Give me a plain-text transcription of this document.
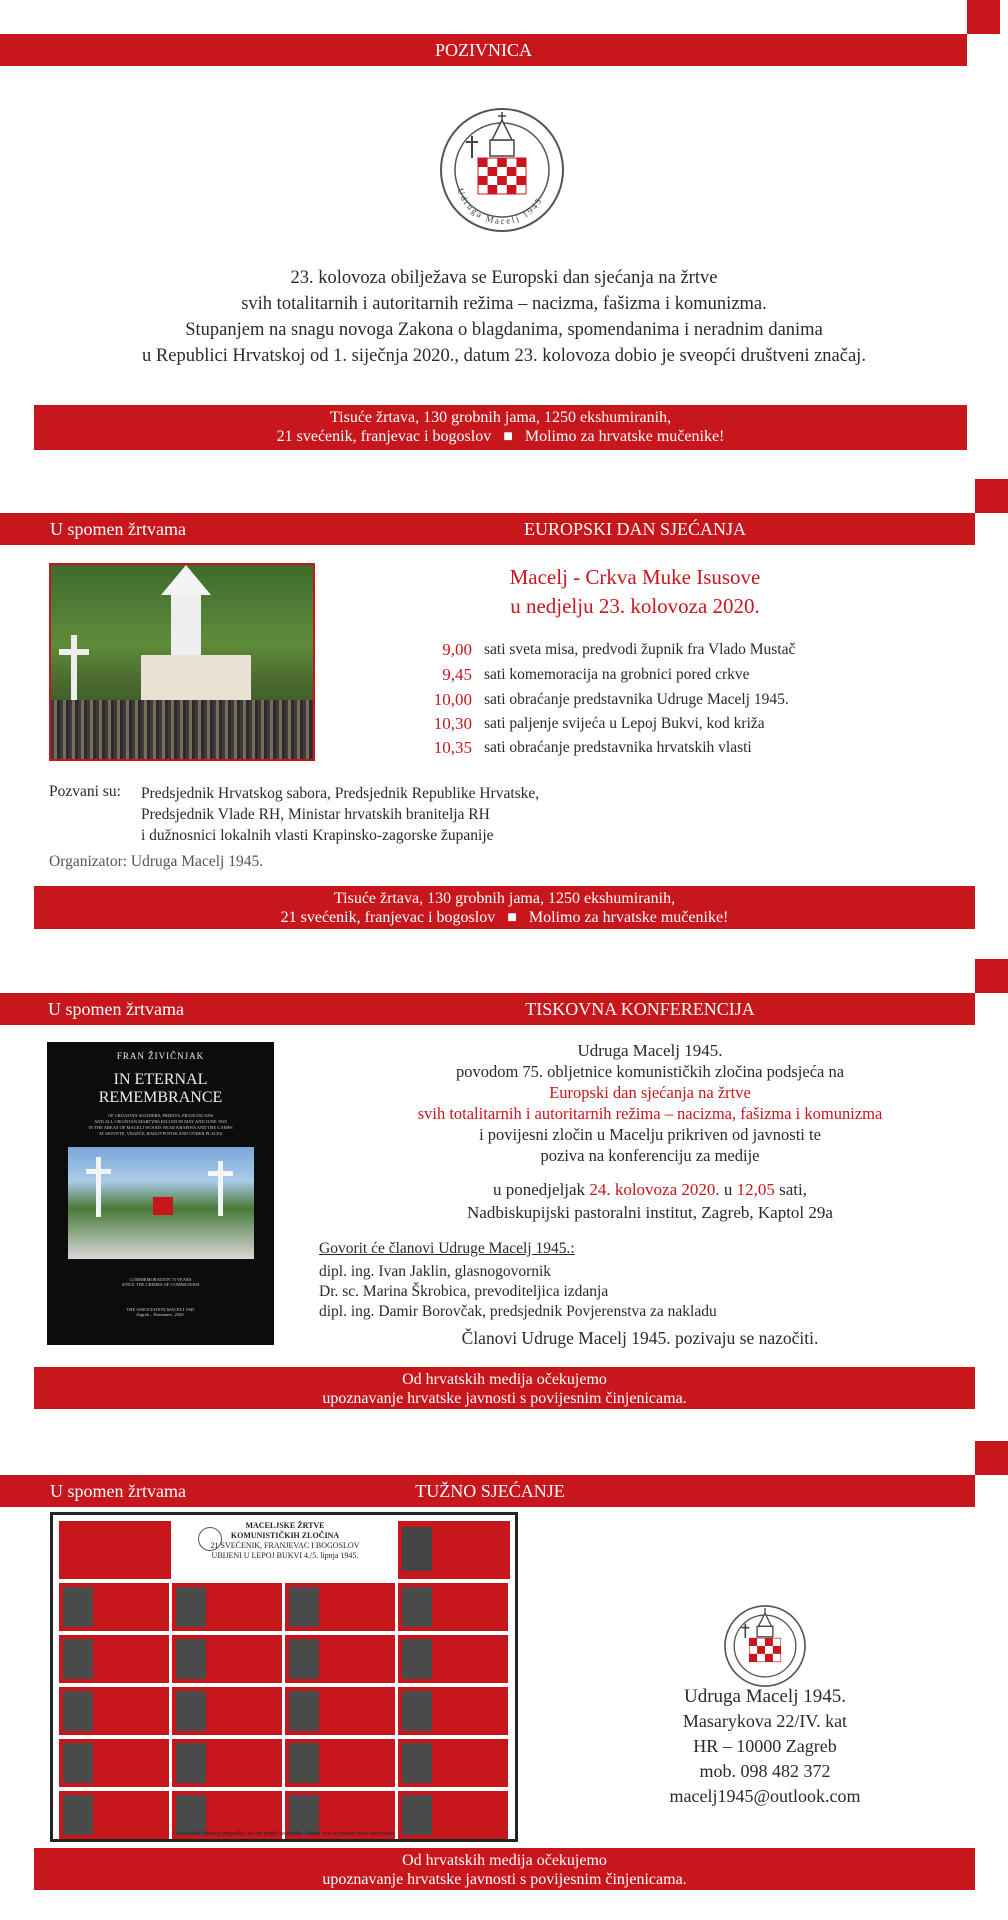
POZIVNICA
Udruga Macelj 1945
23. kolovoza obilježava se Europski dan sjećanja na žrtve
svih totalitarnih i autoritarnih režima – nacizma, fašizma i komunizma.
Stupanjem na snagu novoga Zakona o blagdanima, spomendanima i neradnim danima
u Republici Hrvatskoj od 1. siječnja 2020., datum 23. kolovoza dobio je sveopći društveni značaj.
Tisuće žrtava, 130 grobnih jama, 1250 ekshumiranih,
21 svećenik, franjevac i bogoslov   ■   Molimo za hrvatske mučenike!
U spomen žrtvama	EUROPSKI DAN SJEĆANJA
Macelj - Crkva Muke Isusove
u nedjelju 23. kolovoza 2020.
9,00 sati sveta misa, predvodi župnik fra Vlado Mustač
9,45 sati komemoracija na grobnici pored crkve
10,00 sati obraćanje predstavnika Udruge Macelj 1945.
10,30 sati paljenje svijeća u Lepoj Bukvi, kod križa
10,35 sati obraćanje predstavnika hrvatskih vlasti
Pozvani su: Predsjednik Hrvatskog sabora, Predsjednik Republike Hrvatske,
Predsjednik Vlade RH, Ministar hrvatskih branitelja RH
i dužnosnici lokalnih vlasti Krapinsko-zagorske županije
Organizator: Udruga Macelj 1945.
Tisuće žrtava, 130 grobnih jama, 1250 ekshumiranih,
21 svećenik, franjevac i bogoslov   ■   Molimo za hrvatske mučenike!
U spomen žrtvama	TISKOVNA KONFERENCIJA
FRAN ŽIVIČNJAK
IN ETERNAL
REMEMBRANCE
OF CROATIAN SOLDIERS, PRIESTS, FRANCISCANS
AND ALL CROATIAN MARTYRS KILLED IN MAY AND JUNE 1945
IN THE AREAS OF MACELJ WOODS NEAR KRAPINA AND THE CAMPS
AT SESVETE, VRAPČE, RAKOVPOTOK AND OTHER PLACES
COMMEMORATION 75 YEARS
SINCE THE CRIMES OF COMMUNISM
THE ASSOCIATION MACELJ 1945
Zagreb – Đurmanec, 2020.
Udruga Macelj 1945.
povodom 75. obljetnice komunističkih zločina podsjeća na
Europski dan sjećanja na žrtve
svih totalitarnih i autoritarnih režima – nacizma, fašizma i komunizma
i povijesni zločin u Macelju prikriven od javnosti te
poziva na konferenciju za medije
u ponedjeljak 24. kolovoza 2020. u 12,05 sati,
Nadbiskupijski pastoralni institut, Zagreb, Kaptol 29a
Govorit će članovi Udruge Macelj 1945.:
dipl. ing. Ivan Jaklin, glasnogovornik
Dr. sc. Marina Škrobica, prevoditeljica izdanja
dipl. ing. Damir Borovčak, predsjednik Povjerenstva za nakladu
Članovi Udruge Macelj 1945. pozivaju se nazočiti.
Od hrvatskih medija očekujemo
upoznavanje hrvatske javnosti s povijesnim činjenicama.
U spomen žrtvama	TUŽNO SJEĆANJE
MACELJSKE ŽRTVE
KOMUNISTIČKIH ZLOČINA
21 SVEĆENIK, FRANJEVAC I BOGOSLOV
UBIJENI U LEPOJ BUKVI 4./5. lipnja 1945.
Vi ste učinili fatalnu pogrešku, što ste pobili svećenike. Narod vam to nikada neće zaboraviti.
Udruga Macelj 1945.
Masarykova 22/IV. kat
HR – 10000 Zagreb
mob. 098 482 372
macelj1945@outlook.com
Od hrvatskih medija očekujemo
upoznavanje hrvatske javnosti s povijesnim činjenicama.
